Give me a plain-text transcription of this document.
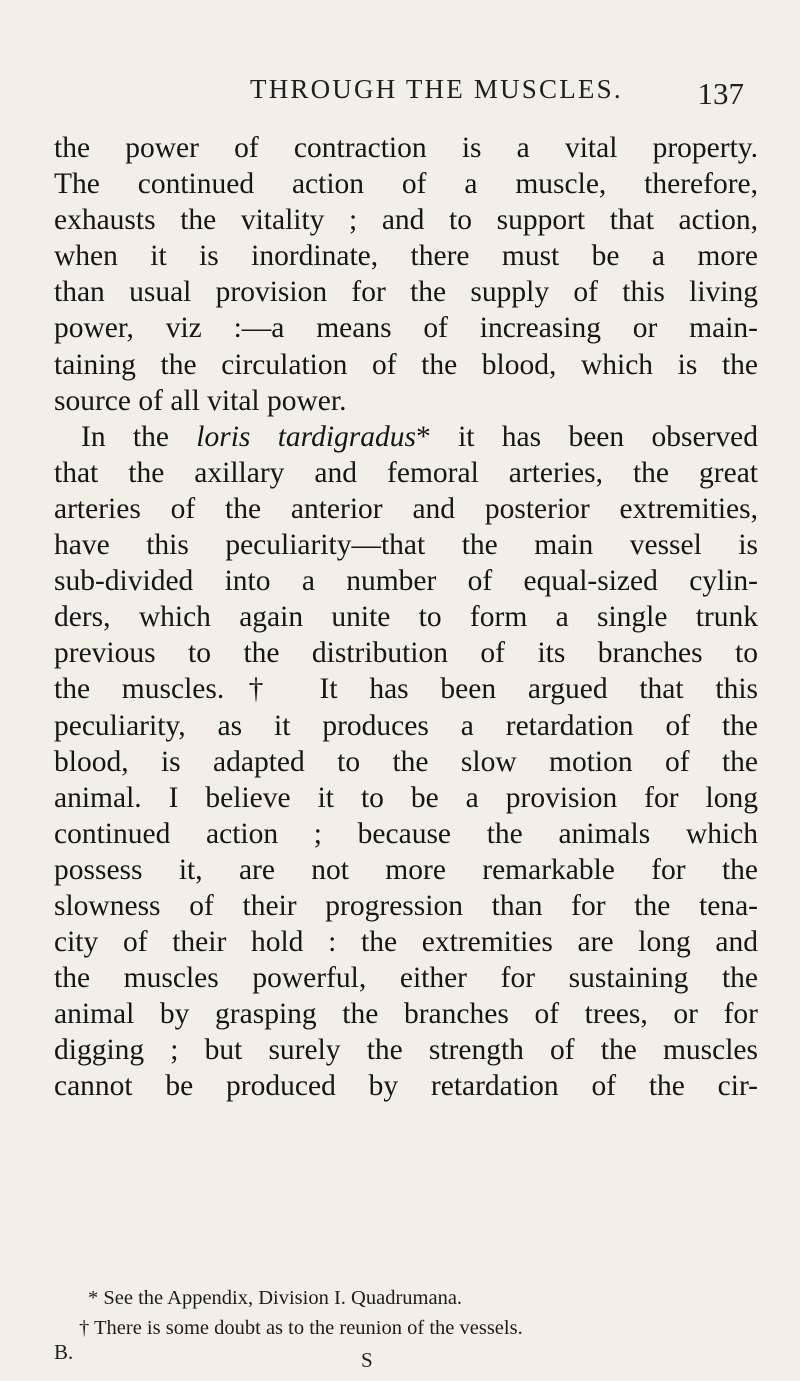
THROUGH THE MUSCLES. 137
the power of contraction is a vital property.
The continued action of a muscle, therefore,
exhausts the vitality ; and to support that action,
when it is inordinate, there must be a more
than usual provision for the supply of this living
power, viz :—a means of increasing or main-
taining the circulation of the blood, which is the
source of all vital power.
In the loris tardigradus* it has been observed
that the axillary and femoral arteries, the great
arteries of the anterior and posterior extremities,
have this peculiarity—that the main vessel is
sub-divided into a number of equal-sized cylin-
ders, which again unite to form a single trunk
previous to the distribution of its branches to
the muscles.† It has been argued that this
peculiarity, as it produces a retardation of the
blood, is adapted to the slow motion of the
animal. I believe it to be a provision for long
continued action ; because the animals which
possess it, are not more remarkable for the
slowness of their progression than for the tena-
city of their hold : the extremities are long and
the muscles powerful, either for sustaining the
animal by grasping the branches of trees, or for
digging ; but surely the strength of the muscles
cannot be produced by retardation of the cir-
* See the Appendix, Division I. Quadrumana.
† There is some doubt as to the reunion of the vessels.
B.	S
